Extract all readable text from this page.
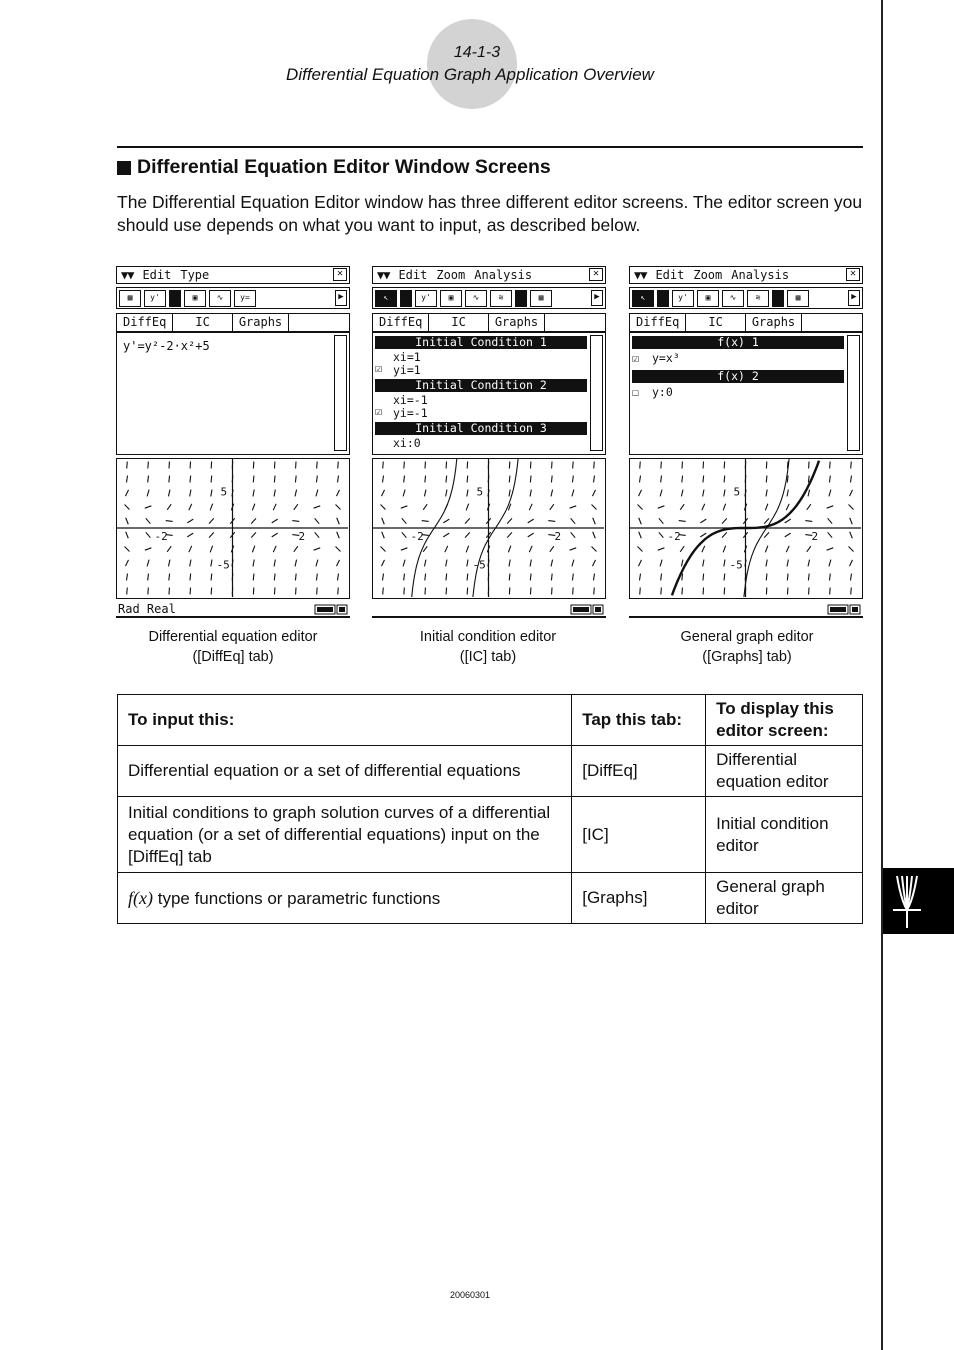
14-1-3
Differential Equation Graph Application Overview
Differential Equation Editor Window Screens

The Differential Equation Editor window has three different editor screens. The editor screen you should use depends on what you want to input, as described below.

▼▼ Edit Type	✕
▦	y'	▣	∿	y=	▶
DiffEq	IC	Graphs
y'=y²-2·x²+5
-2	2
5
-5
Rad Real
▼▼ Edit Zoom Analysis	✕
↖	y'	▣	∿	≋	▦	▶
DiffEq	IC	Graphs
Initial Condition 1
xi=1
☑ yi=1
Initial Condition 2
xi=-1
☑ yi=-1
Initial Condition 3
xi:0
-2	2
5
-5
▼▼ Edit Zoom Analysis	✕
↖	y'	▣	∿	≋	▦	▶
DiffEq	IC	Graphs
f(x) 1
☑ y=x³
f(x) 2
☐ y:0
-2	2
5
-5
Differential equation editor
([DiffEq] tab)
Initial condition editor
([IC] tab)
General graph editor
([Graphs] tab)
To input this:	Tap this tab:	To display this editor screen:
Differential equation or a set of differential equations	[DiffEq]	Differential equation editor
Initial conditions to graph solution curves of a differential equation (or a set of differential equations) input on the [DiffEq] tab	[IC]	Initial condition editor
f(x) type functions or parametric functions	[Graphs]	General graph editor
20060301
